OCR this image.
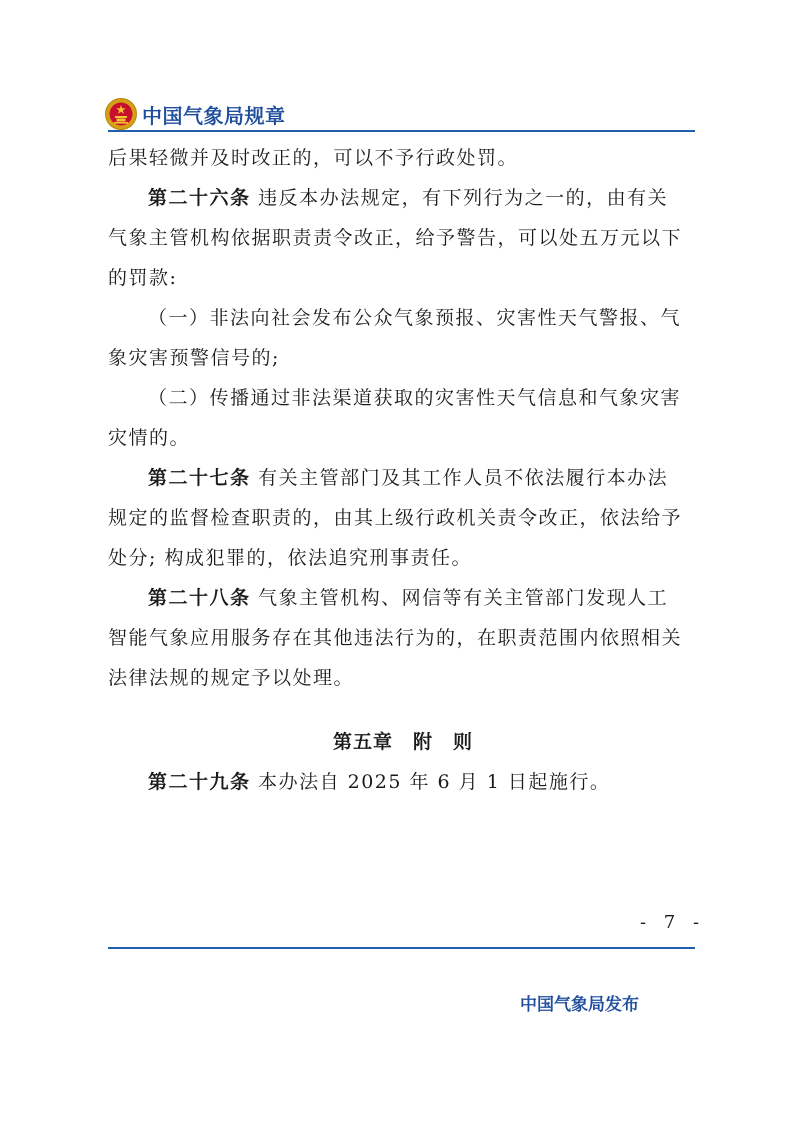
中国气象局规章
后果轻微并及时改正的，可以不予行政处罚。
第二十六条 违反本办法规定，有下列行为之一的，由有关
气象主管机构依据职责责令改正，给予警告，可以处五万元以下
的罚款:
（一）非法向社会发布公众气象预报、灾害性天气警报、气
象灾害预警信号的;
（二）传播通过非法渠道获取的灾害性天气信息和气象灾害
灾情的。
第二十七条 有关主管部门及其工作人员不依法履行本办法
规定的监督检查职责的，由其上级行政机关责令改正，依法给予
处分; 构成犯罪的，依法追究刑事责任。
第二十八条 气象主管机构、网信等有关主管部门发现人工
智能气象应用服务存在其他违法行为的，在职责范围内依照相关
法律法规的规定予以处理。
第五章　附　则
第二十九条 本办法自 2025 年 6 月 1 日起施行。
- 7 -
中国气象局发布
